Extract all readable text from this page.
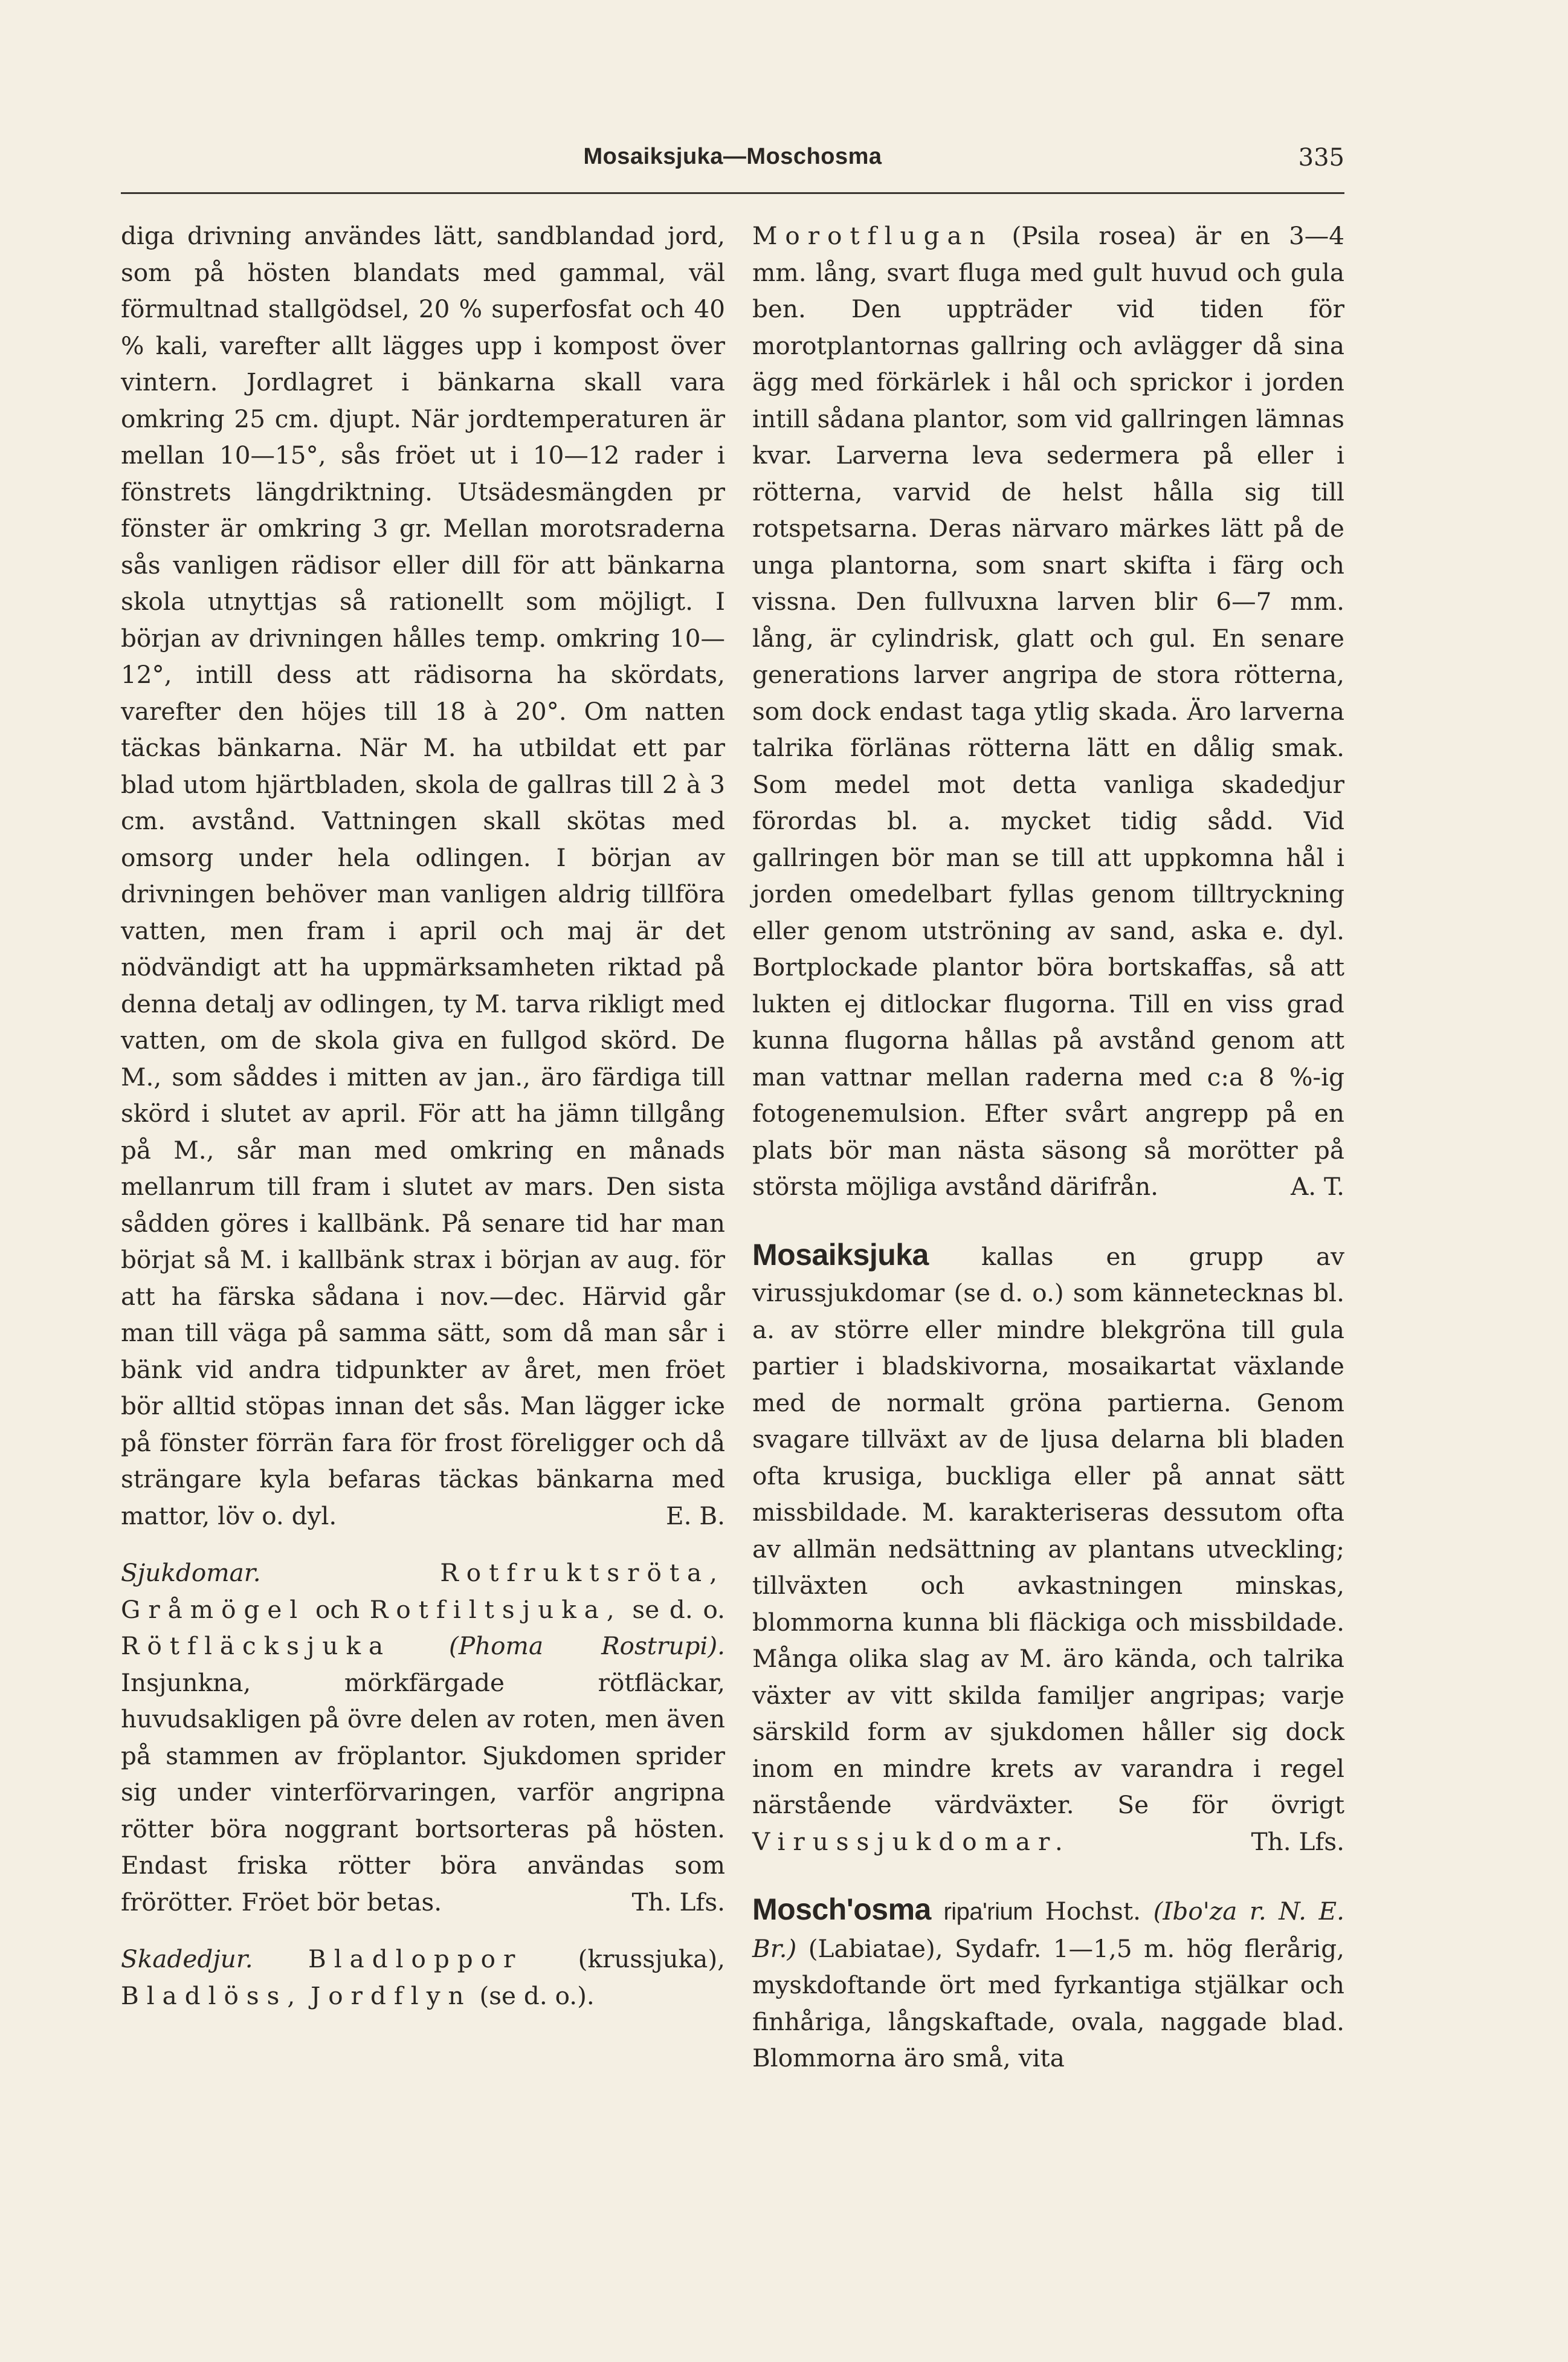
Mosaiksjuka—Moschosma	335

diga drivning användes lätt, sandblandad jord, som på hösten blandats med gammal, väl förmultnad stallgödsel, 20 % superfosfat och 40 % kali, varefter allt lägges upp i kompost över vintern. Jordlagret i bänkarna skall vara omkring 25 cm. djupt. När jordtemperaturen är mellan 10—15°, sås fröet ut i 10—12 rader i fönstrets längdriktning. Utsädesmängden pr fönster är omkring 3 gr. Mellan morotsraderna sås vanligen rädisor eller dill för att bänkarna skola utnyttjas så rationellt som möjligt. I början av drivningen hålles temp. omkring 10—12°, intill dess att rädisorna ha skördats, varefter den höjes till 18 à 20°. Om natten täckas bänkarna. När M. ha utbildat ett par blad utom hjärtbladen, skola de gallras till 2 à 3 cm. avstånd. Vattningen skall skötas med omsorg under hela odlingen. I början av drivningen behöver man vanligen aldrig tillföra vatten, men fram i april och maj är det nödvändigt att ha uppmärksamheten riktad på denna detalj av odlingen, ty M. tarva rikligt med vatten, om de skola giva en fullgod skörd. De M., som såddes i mitten av jan., äro färdiga till skörd i slutet av april. För att ha jämn tillgång på M., sår man med omkring en månads mellanrum till fram i slutet av mars. Den sista sådden göres i kallbänk. På senare tid har man börjat så M. i kallbänk strax i början av aug. för att ha färska sådana i nov.—dec. Härvid går man till väga på samma sätt, som då man sår i bänk vid andra tidpunkter av året, men fröet bör alltid stöpas innan det sås. Man lägger icke på fönster förrän fara för frost föreligger och då strängare kyla befaras täckas bänkarna med mattor, löv o. dyl.	E. B.

Sjukdomar.	Rotfruktsröta, Gråmögel och Rotfiltsjuka, se d. o. Rötfläcksjuka (Phoma Rostrupi). Insjunkna, mörkfärgade rötfläckar, huvudsakligen på övre delen av roten, men även på stammen av fröplantor. Sjukdomen sprider sig under vinterförvaringen, varför angripna rötter böra noggrant bortsorteras på hösten. Endast friska rötter böra användas som frörötter. Fröet bör betas.	Th. Lfs.

Skadedjur. Bladloppor (krussjuka), Bladlöss, Jordflyn (se d. o.).

Morotflugan (Psila rosea) är en 3—4 mm. lång, svart fluga med gult huvud och gula ben. Den uppträder vid tiden för morotplantornas gallring och avlägger då sina ägg med förkärlek i hål och sprickor i jorden intill sådana plantor, som vid gallringen lämnas kvar. Larverna leva sedermera på eller i rötterna, varvid de helst hålla sig till rotspetsarna. Deras närvaro märkes lätt på de unga plantorna, som snart skifta i färg och vissna. Den fullvuxna larven blir 6—7 mm. lång, är cylindrisk, glatt och gul. En senare generations larver angripa de stora rötterna, som dock endast taga ytlig skada. Äro larverna talrika förlänas rötterna lätt en dålig smak. Som medel mot detta vanliga skadedjur förordas bl. a. mycket tidig sådd. Vid gallringen bör man se till att uppkomna hål i jorden omedelbart fyllas genom tilltryckning eller genom utströning av sand, aska e. dyl. Bortplockade plantor böra bortskaffas, så att lukten ej ditlockar flugorna. Till en viss grad kunna flugorna hållas på avstånd genom att man vattnar mellan raderna med c:a 8 %-ig fotogenemulsion. Efter svårt angrepp på en plats bör man nästa säsong så morötter på största möjliga avstånd därifrån.	A. T.

Mosaiksjuka kallas en grupp av virussjukdomar (se d. o.) som kännetecknas bl. a. av större eller mindre blekgröna till gula partier i bladskivorna, mosaikartat växlande med de normalt gröna partierna. Genom svagare tillväxt av de ljusa delarna bli bladen ofta krusiga, buckliga eller på annat sätt missbildade. M. karakteriseras dessutom ofta av allmän nedsättning av plantans utveckling; tillväxten och avkastningen minskas, blommorna kunna bli fläckiga och missbildade. Många olika slag av M. äro kända, och talrika växter av vitt skilda familjer angripas; varje särskild form av sjukdomen håller sig dock inom en mindre krets av varandra i regel närstående värdväxter. Se för övrigt Virussjukdomar.	Th. Lfs.

Mosch'osma ripa'rium Hochst. (Ibo'za r. N. E. Br.) (Labiatae), Sydafr. 1—1,5 m. hög flerårig, myskdoftande ört med fyrkantiga stjälkar och finhåriga, långskaftade, ovala, naggade blad. Blommorna äro små, vita
